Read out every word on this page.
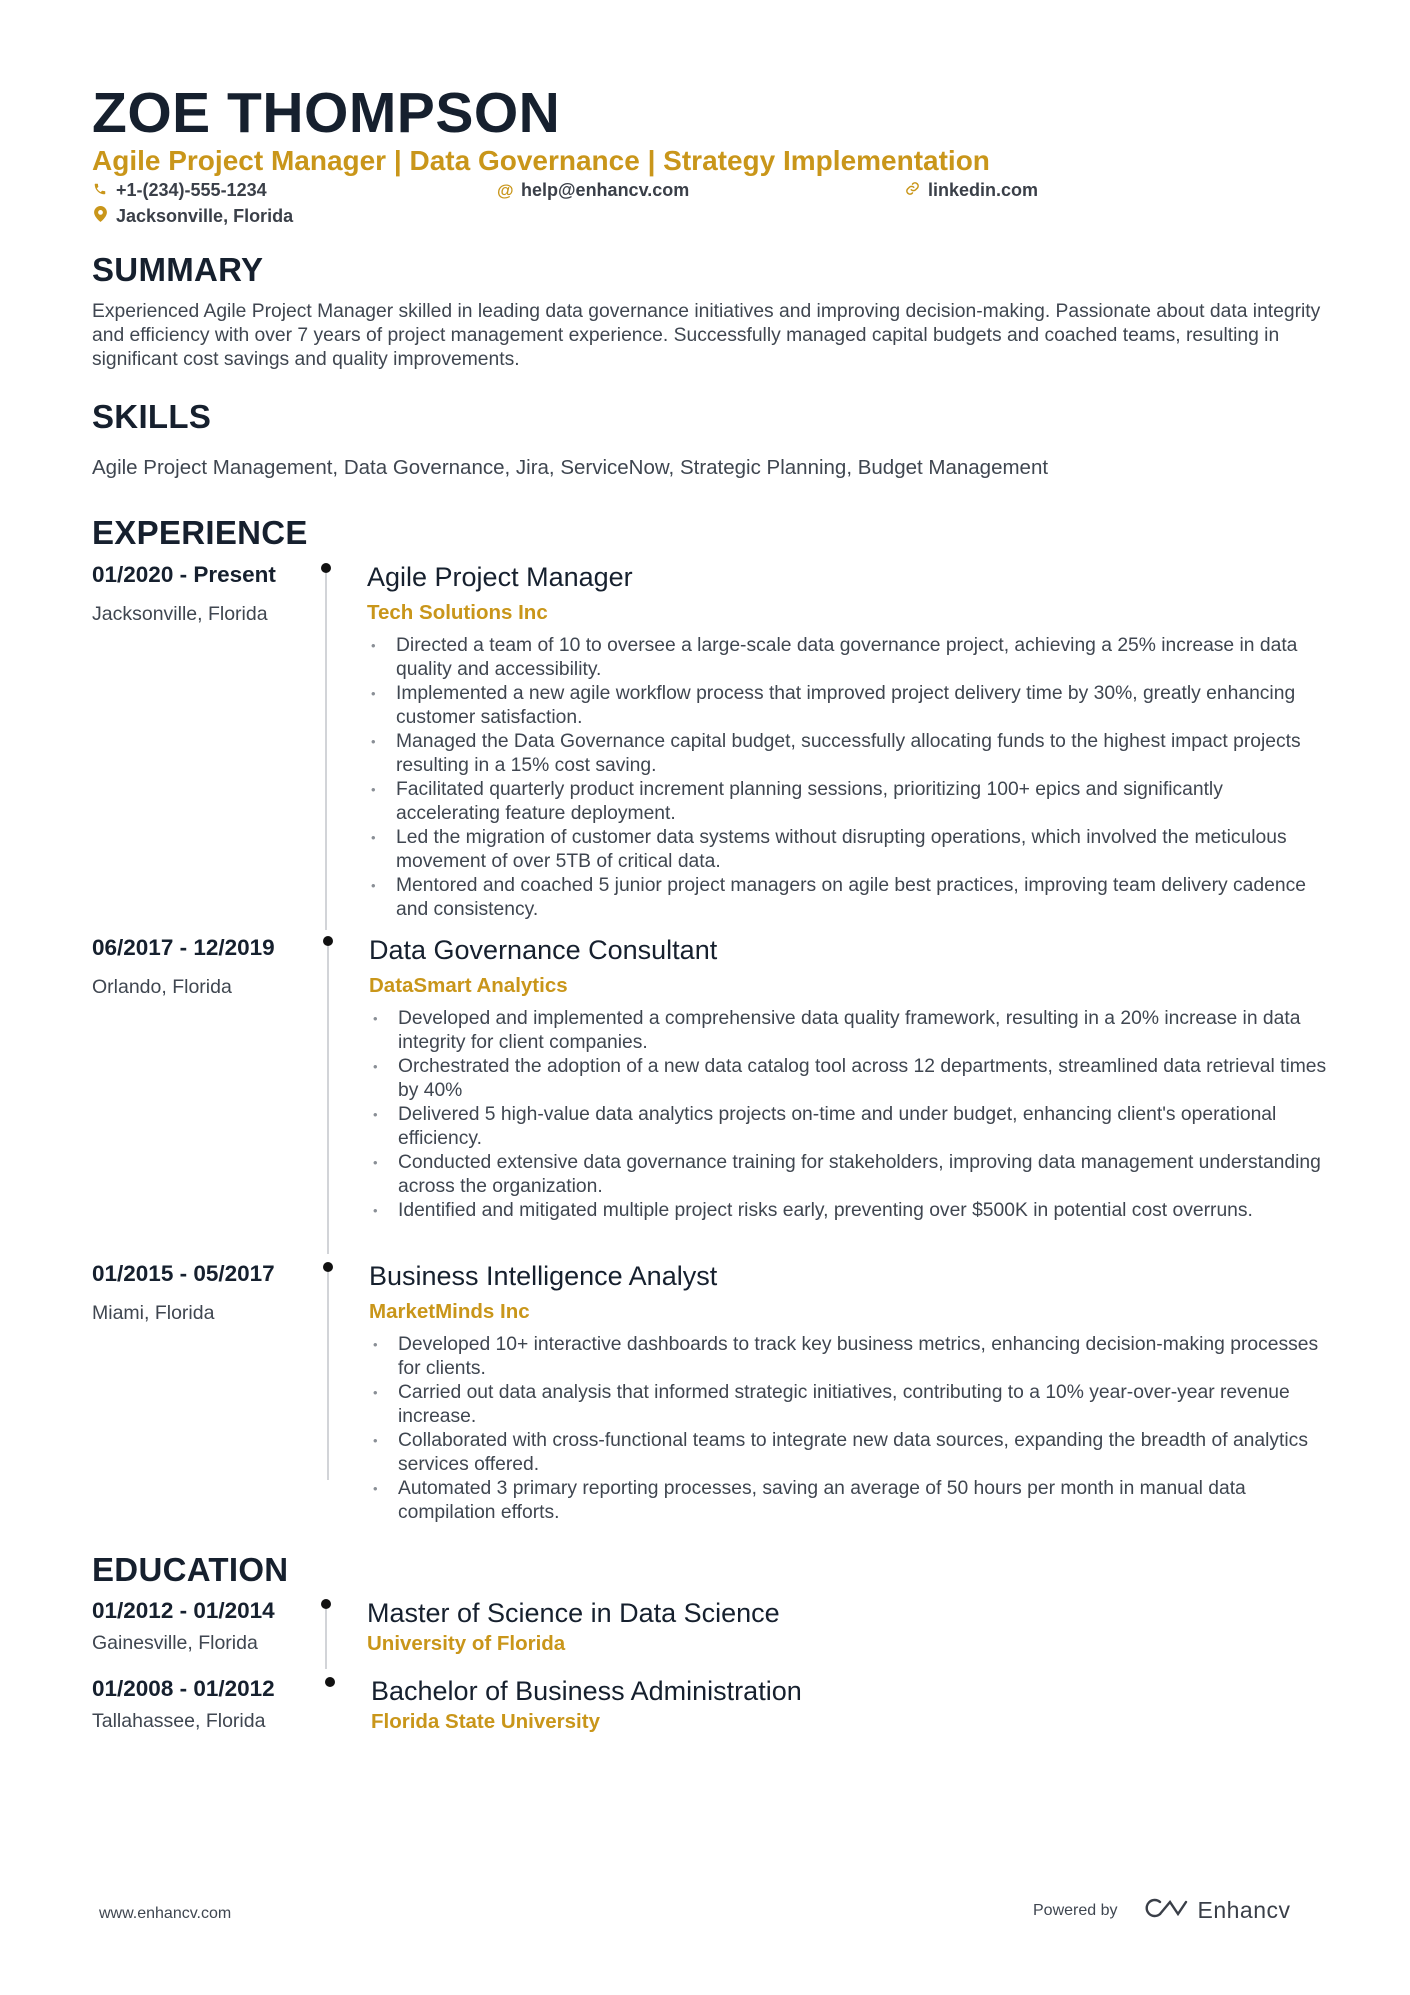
ZOE THOMPSON
Agile Project Manager | Data Governance | Strategy Implementation
+1-(234)-555-1234	@ help@enhancv.com	linkedin.com
Jacksonville, Florida
SUMMARY
Experienced Agile Project Manager skilled in leading data governance initiatives and improving decision-making. Passionate about data integrity and efficiency with over 7 years of project management experience. Successfully managed capital budgets and coached teams, resulting in significant cost savings and quality improvements.
SKILLS
Agile Project Management, Data Governance, Jira, ServiceNow, Strategic Planning, Budget Management
EXPERIENCE
01/2020 - Present
Jacksonville, Florida
Agile Project Manager
Tech Solutions Inc
• Directed a team of 10 to oversee a large-scale data governance project, achieving a 25% increase in data quality and accessibility.
• Implemented a new agile workflow process that improved project delivery time by 30%, greatly enhancing customer satisfaction.
• Managed the Data Governance capital budget, successfully allocating funds to the highest impact projects resulting in a 15% cost saving.
• Facilitated quarterly product increment planning sessions, prioritizing 100+ epics and significantly accelerating feature deployment.
• Led the migration of customer data systems without disrupting operations, which involved the meticulous movement of over 5TB of critical data.
• Mentored and coached 5 junior project managers on agile best practices, improving team delivery cadence and consistency.
06/2017 - 12/2019
Orlando, Florida
Data Governance Consultant
DataSmart Analytics
• Developed and implemented a comprehensive data quality framework, resulting in a 20% increase in data integrity for client companies.
• Orchestrated the adoption of a new data catalog tool across 12 departments, streamlined data retrieval times by 40%
• Delivered 5 high-value data analytics projects on-time and under budget, enhancing client's operational efficiency.
• Conducted extensive data governance training for stakeholders, improving data management understanding across the organization.
• Identified and mitigated multiple project risks early, preventing over $500K in potential cost overruns.
01/2015 - 05/2017
Miami, Florida
Business Intelligence Analyst
MarketMinds Inc
• Developed 10+ interactive dashboards to track key business metrics, enhancing decision-making processes for clients.
• Carried out data analysis that informed strategic initiatives, contributing to a 10% year-over-year revenue increase.
• Collaborated with cross-functional teams to integrate new data sources, expanding the breadth of analytics services offered.
• Automated 3 primary reporting processes, saving an average of 50 hours per month in manual data compilation efforts.
EDUCATION
01/2012 - 01/2014
Gainesville, Florida
Master of Science in Data Science
University of Florida
01/2008 - 01/2012
Tallahassee, Florida
Bachelor of Business Administration
Florida State University
www.enhancv.com	Powered by	Enhancv
